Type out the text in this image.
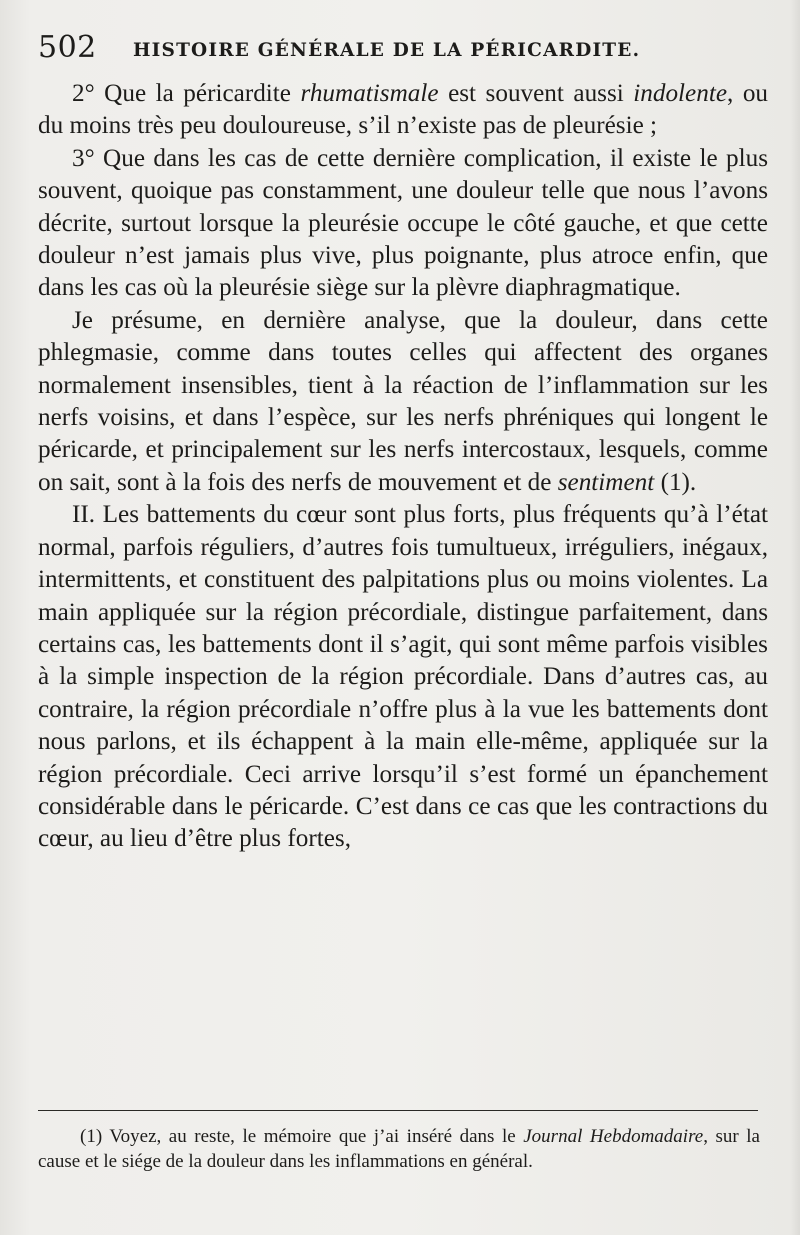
502 HISTOIRE GÉNÉRALE DE LA PÉRICARDITE.

2° Que la péricardite rhumatismale est souvent aussi indolente, ou du moins très peu douloureuse, s’il n’existe pas de pleurésie ;

3° Que dans les cas de cette dernière complication, il existe le plus souvent, quoique pas constamment, une douleur telle que nous l’avons décrite, surtout lorsque la pleurésie occupe le côté gauche, et que cette douleur n’est jamais plus vive, plus poignante, plus atroce enfin, que dans les cas où la pleurésie siège sur la plèvre diaphragmatique.

Je présume, en dernière analyse, que la douleur, dans cette phlegmasie, comme dans toutes celles qui affectent des organes normalement insensibles, tient à la réaction de l’inflammation sur les nerfs voisins, et dans l’espèce, sur les nerfs phréniques qui longent le péricarde, et principalement sur les nerfs intercostaux, lesquels, comme on sait, sont à la fois des nerfs de mouvement et de sentiment (1).

II. Les battements du cœur sont plus forts, plus fréquents qu’à l’état normal, parfois réguliers, d’autres fois tumultueux, irréguliers, inégaux, intermittents, et constituent des palpitations plus ou moins violentes. La main appliquée sur la région précordiale, distingue parfaitement, dans certains cas, les battements dont il s’agit, qui sont même parfois visibles à la simple inspection de la région précordiale. Dans d’autres cas, au contraire, la région précordiale n’offre plus à la vue les battements dont nous parlons, et ils échappent à la main elle-même, appliquée sur la région précordiale. Ceci arrive lorsqu’il s’est formé un épanchement considérable dans le péricarde. C’est dans ce cas que les contractions du cœur, au lieu d’être plus fortes,

(1) Voyez, au reste, le mémoire que j’ai inséré dans le Journal Hebdomadaire, sur la cause et le siége de la douleur dans les inflammations en général.
